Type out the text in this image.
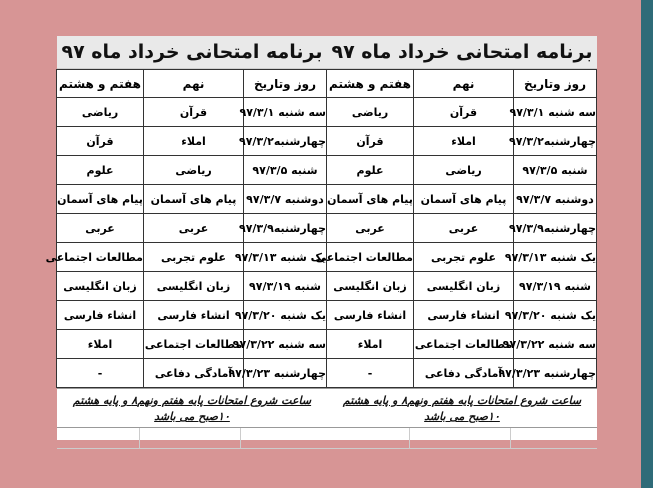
برنامه امتحانی خرداد ماه ۹۷
روز وتاریخ	نهم	هفتم و هشتم
سه شنبه ۹۷/۳/۱	قرآن	ریاضی
چهارشنبه۹۷/۳/۲	املاء	قرآن
شنبه ۹۷/۳/۵	ریاضی	علوم
دوشنبه ۹۷/۳/۷	پیام های آسمان	پیام های آسمان
چهارشنبه۹۷/۳/۹	عربی	عربی
یک شنبه ۹۷/۳/۱۳	علوم تجربی	مطالعات اجتماعی
شنبه ۹۷/۳/۱۹	زبان انگلیسی	زبان انگلیسی
یک شنبه ۹۷/۳/۲۰	انشاء فارسی	انشاء فارسی
سه شنبه ۹۷/۳/۲۲	مطالعات اجتماعی	املاء
چهارشنبه ۹۷/۳/۲۳	آمادگی دفاعی	-
ساعت شروع امتحانات پایه هفتم ونهم۸ و پایه هشتم
۱۰صبح می باشد
برنامه امتحانی خرداد ماه ۹۷
روز وتاریخ	نهم	هفتم و هشتم
سه شنبه ۹۷/۳/۱	قرآن	ریاضی
چهارشنبه۹۷/۳/۲	املاء	قرآن
شنبه ۹۷/۳/۵	ریاضی	علوم
دوشنبه ۹۷/۳/۷	پیام های آسمان	پیام های آسمان
چهارشنبه۹۷/۳/۹	عربی	عربی
یک شنبه ۹۷/۳/۱۳	علوم تجربی	مطالعات اجتماعی
شنبه ۹۷/۳/۱۹	زبان انگلیسی	زبان انگلیسی
یک شنبه ۹۷/۳/۲۰	انشاء فارسی	انشاء فارسی
سه شنبه ۹۷/۳/۲۲	مطالعات اجتماعی	املاء
چهارشنبه ۹۷/۳/۲۳	آمادگی دفاعی	-
ساعت شروع امتحانات پایه هفتم ونهم۸ و پایه هشتم
۱۰صبح می باشد
